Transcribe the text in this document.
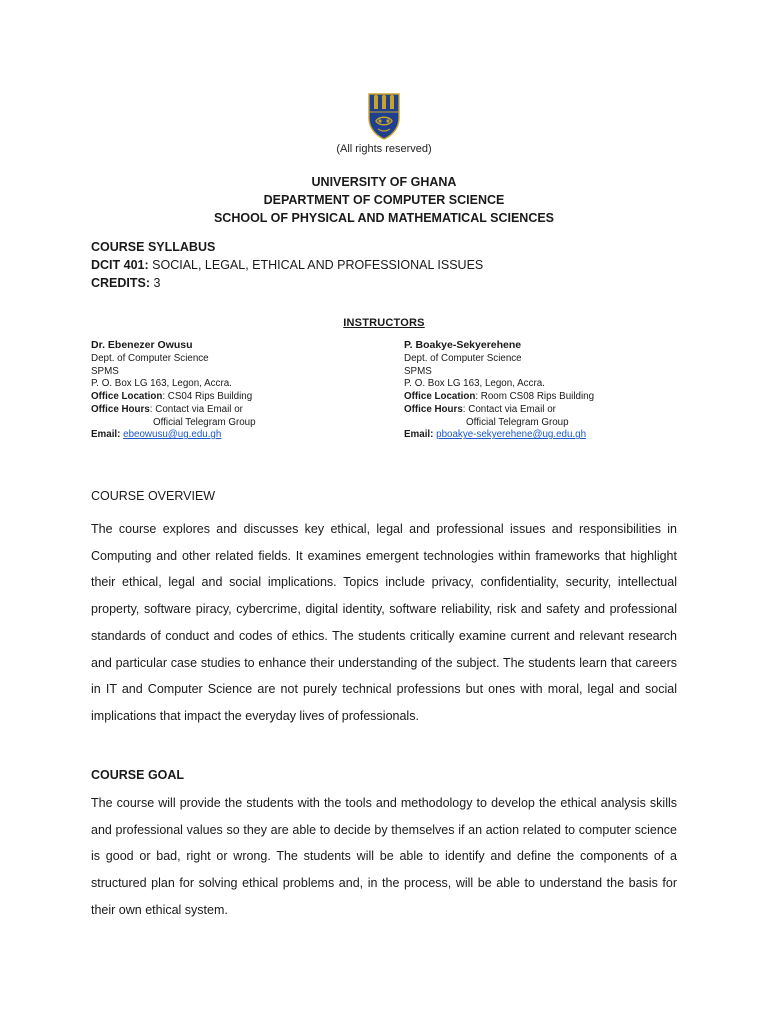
(All rights reserved)
UNIVERSITY OF GHANA
DEPARTMENT OF COMPUTER SCIENCE
SCHOOL OF PHYSICAL AND MATHEMATICAL SCIENCES
COURSE SYLLABUS
DCIT 401: SOCIAL, LEGAL, ETHICAL AND PROFESSIONAL ISSUES
CREDITS: 3
INSTRUCTORS
Dr. Ebenezer Owusu
Dept. of Computer Science
SPMS
P. O. Box LG 163, Legon, Accra.
Office Location: CS04 Rips Building
Office Hours: Contact via Email or
Official Telegram Group
Email: ebeowusu@ug.edu.gh
P. Boakye-Sekyerehene
Dept. of Computer Science
SPMS
P. O. Box LG 163, Legon, Accra.
Office Location: Room CS08 Rips Building
Office Hours: Contact via Email or
Official Telegram Group
Email: pboakye-sekyerehene@ug.edu.gh
COURSE OVERVIEW
The course explores and discusses key ethical, legal and professional issues and responsibilities in Computing and other related fields. It examines emergent technologies within frameworks that highlight their ethical, legal and social implications. Topics include privacy, confidentiality, security, intellectual property, software piracy, cybercrime, digital identity, software reliability, risk and safety and professional standards of conduct and codes of ethics. The students critically examine current and relevant research and particular case studies to enhance their understanding of the subject. The students learn that careers in IT and Computer Science are not purely technical professions but ones with moral, legal and social implications that impact the everyday lives of professionals.
COURSE GOAL
The course will provide the students with the tools and methodology to develop the ethical analysis skills and professional values so they are able to decide by themselves if an action related to computer science is good or bad, right or wrong. The students will be able to identify and define the components of a structured plan for solving ethical problems and, in the process, will be able to understand the basis for their own ethical system.
